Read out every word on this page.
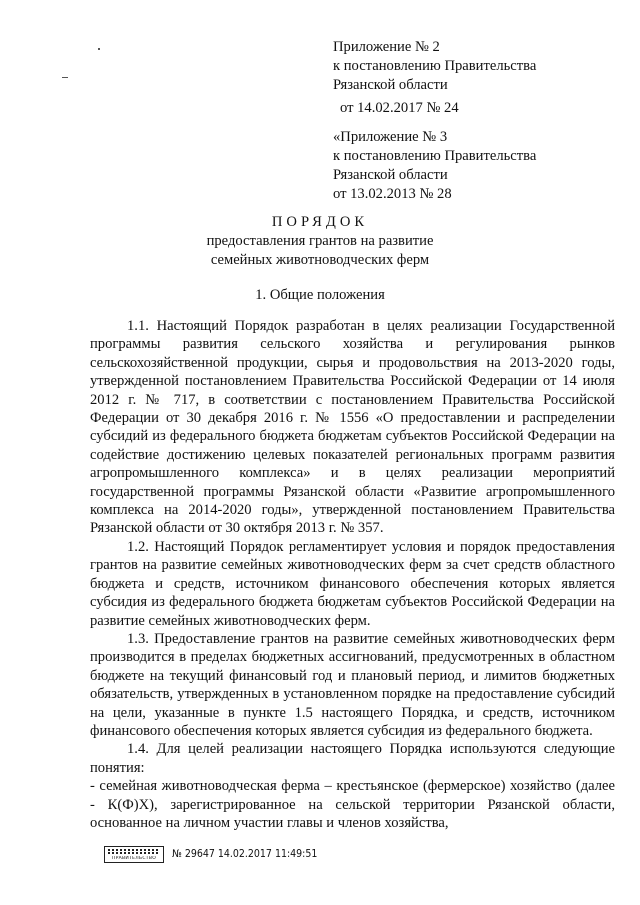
Приложение № 2
к постановлению Правительства
Рязанской области
от 14.02.2017 № 24
«Приложение № 3
к постановлению Правительства
Рязанской области
от 13.02.2013 № 28
ПОРЯДОК
предоставления грантов на развитие
семейных животноводческих ферм
1. Общие положения

1.1. Настоящий Порядок разработан в целях реализации Государственной программы развития сельского хозяйства и регулирования рынков сельскохозяйственной продукции, сырья и продовольствия на 2013-2020 годы, утвержденной постановлением Правительства Российской Федерации от 14 июля 2012 г. № 717, в соответствии с постановлением Правительства Российской Федерации от 30 декабря 2016 г. № 1556 «О предоставлении и распределении субсидий из федерального бюджета бюджетам субъектов Российской Федерации на содействие достижению целевых показателей региональных программ развития агропромышленного комплекса» и в целях реализации мероприятий государственной программы Рязанской области «Развитие агропромышленного комплекса на 2014-2020 годы», утвержденной постановлением Правительства Рязанской области от 30 октября 2013 г. № 357.

1.2. Настоящий Порядок регламентирует условия и порядок предоставления грантов на развитие семейных животноводческих ферм за счет средств областного бюджета и средств, источником финансового обеспечения которых является субсидия из федерального бюджета бюджетам субъектов Российской Федерации на развитие семейных животноводческих ферм.

1.3. Предоставление грантов на развитие семейных животноводческих ферм производится в пределах бюджетных ассигнований, предусмотренных в областном бюджете на текущий финансовый год и плановый период, и лимитов бюджетных обязательств, утвержденных в установленном порядке на предоставление субсидий на цели, указанные в пункте 1.5 настоящего Порядка, и средств, источником финансового обеспечения которых является субсидия из федерального бюджета.

1.4. Для целей реализации настоящего Порядка используются следующие понятия:

- семейная животноводческая ферма – крестьянское (фермерское) хозяйство (далее - К(Ф)Х), зарегистрированное на сельской территории Рязанской области, основанное на личном участии главы и членов хозяйства,

ПРАВИТЕЛЬСТВО	№ 29647 14.02.2017 11:49:51
